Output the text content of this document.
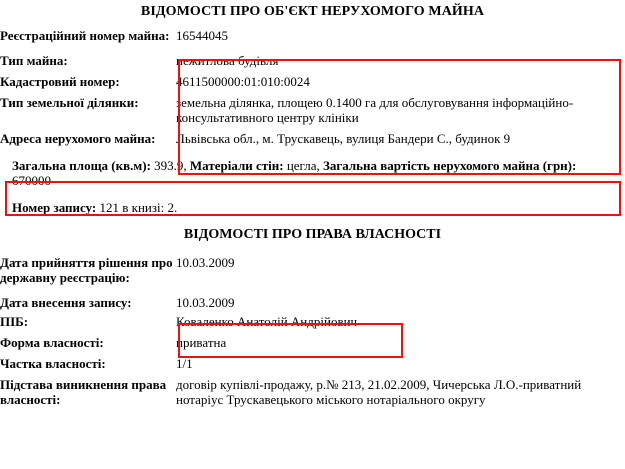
ВІДОМОСТІ ПРО ОБ'ЄКТ НЕРУХОМОГО МАЙНА
Реєстраційний номер майна:	16544045

Тип майна:	нежитлова будівля

Кадастровий номер:	4611500000:01:010:0024

Тип земельної ділянки:	земельна ділянка, площею 0.1400 га для обслуговування інформаційно-консультативного центру клініки

Адреса нерухомого майна:	Львівська обл., м. Трускавець, вулиця Бандери С., будинок 9
Загальна площа (кв.м): 393.9, Матеріали стін: цегла, Загальна вартість нерухомого майна (грн): 670000
Номер запису: 121 в книзі: 2.
ВІДОМОСТІ ПРО ПРАВА ВЛАСНОСТІ
Дата прийняття рішення про державну реєстрацію:	10.03.2009

Дата внесення запису:	10.03.2009

ПІБ:	Коваленко Анатолій Андрійович

Форма власності:	приватна

Частка власності:	1/1

Підстава виникнення права власності:	договір купівлі-продажу, р.№ 213, 21.02.2009, Чичерська Л.О.-приватний нотаріус Трускавецького міського нотаріального округу
